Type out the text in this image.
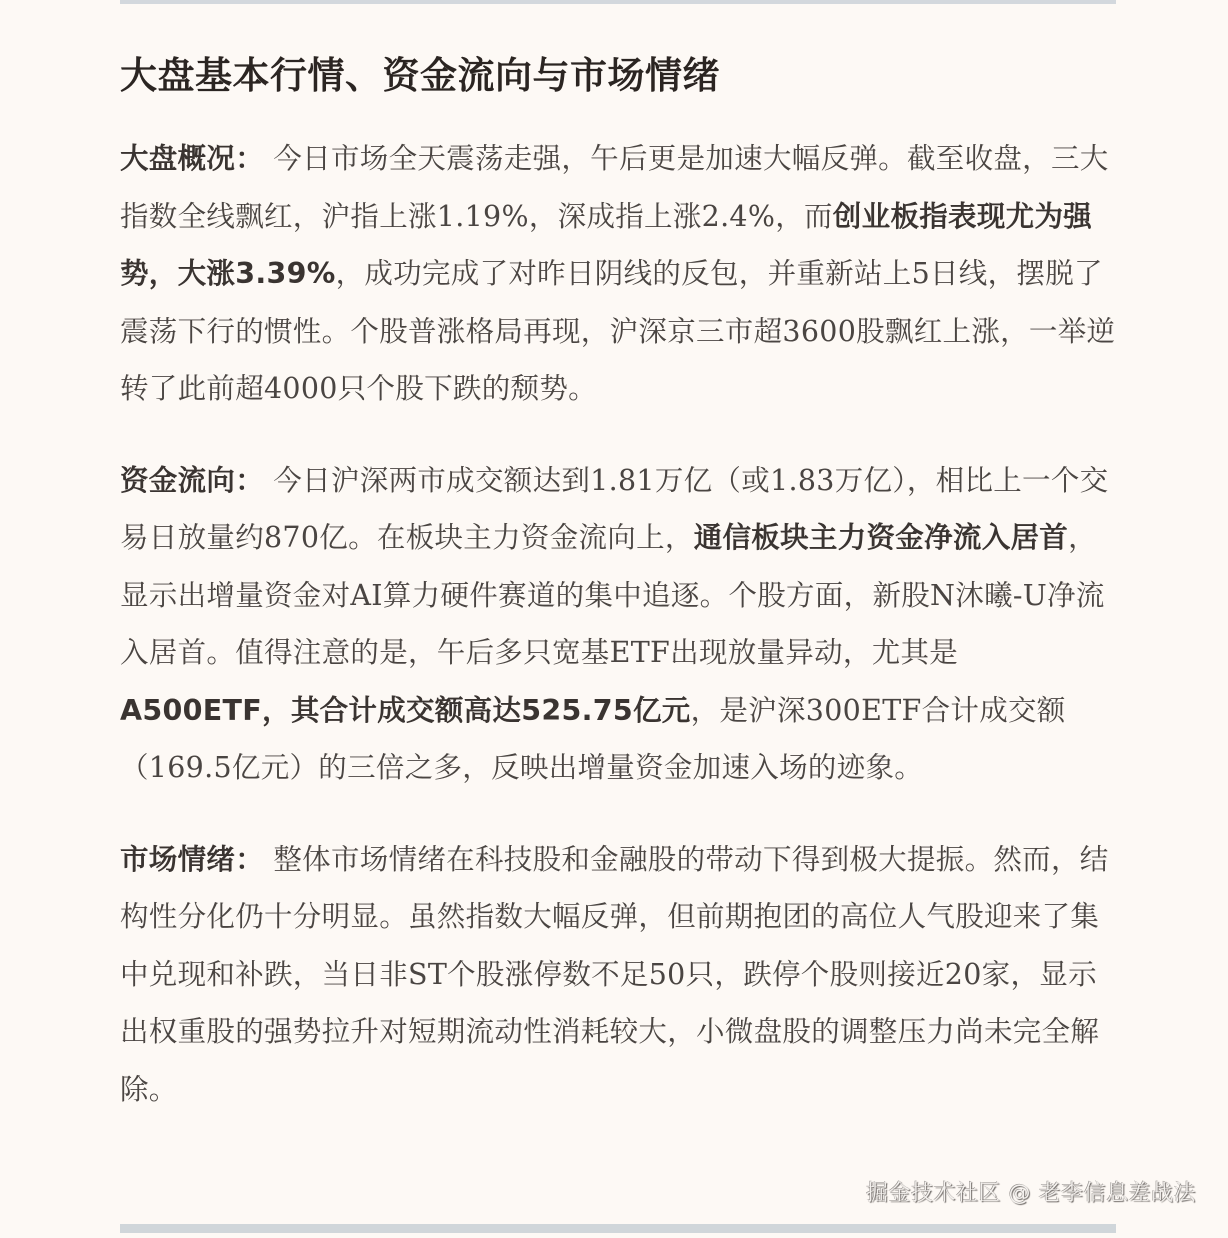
大盘基本行情、资金流向与市场情绪

大盘概况： 今日市场全天震荡走强，午后更是加速大幅反弹。截至收盘，三大指数全线飘红，沪指上涨1.19%，深成指上涨2.4%，而创业板指表现尤为强势，大涨3.39%，成功完成了对昨日阴线的反包，并重新站上5日线，摆脱了震荡下行的惯性。个股普涨格局再现，沪深京三市超3600股飘红上涨，一举逆转了此前超4000只个股下跌的颓势。

资金流向： 今日沪深两市成交额达到1.81万亿（或1.83万亿），相比上一个交易日放量约870亿。在板块主力资金流向上，通信板块主力资金净流入居首，显示出增量资金对AI算力硬件赛道的集中追逐。个股方面，新股N沐曦-U净流入居首。值得注意的是，午后多只宽基ETF出现放量异动，尤其是A500ETF，其合计成交额高达525.75亿元，是沪深300ETF合计成交额（169.5亿元）的三倍之多，反映出增量资金加速入场的迹象。

市场情绪： 整体市场情绪在科技股和金融股的带动下得到极大提振。然而，结构性分化仍十分明显。虽然指数大幅反弹，但前期抱团的高位人气股迎来了集中兑现和补跌，当日非ST个股涨停数不足50只，跌停个股则接近20家，显示出权重股的强势拉升对短期流动性消耗较大，小微盘股的调整压力尚未完全解除。

掘金技术社区 @ 老李信息差战法
